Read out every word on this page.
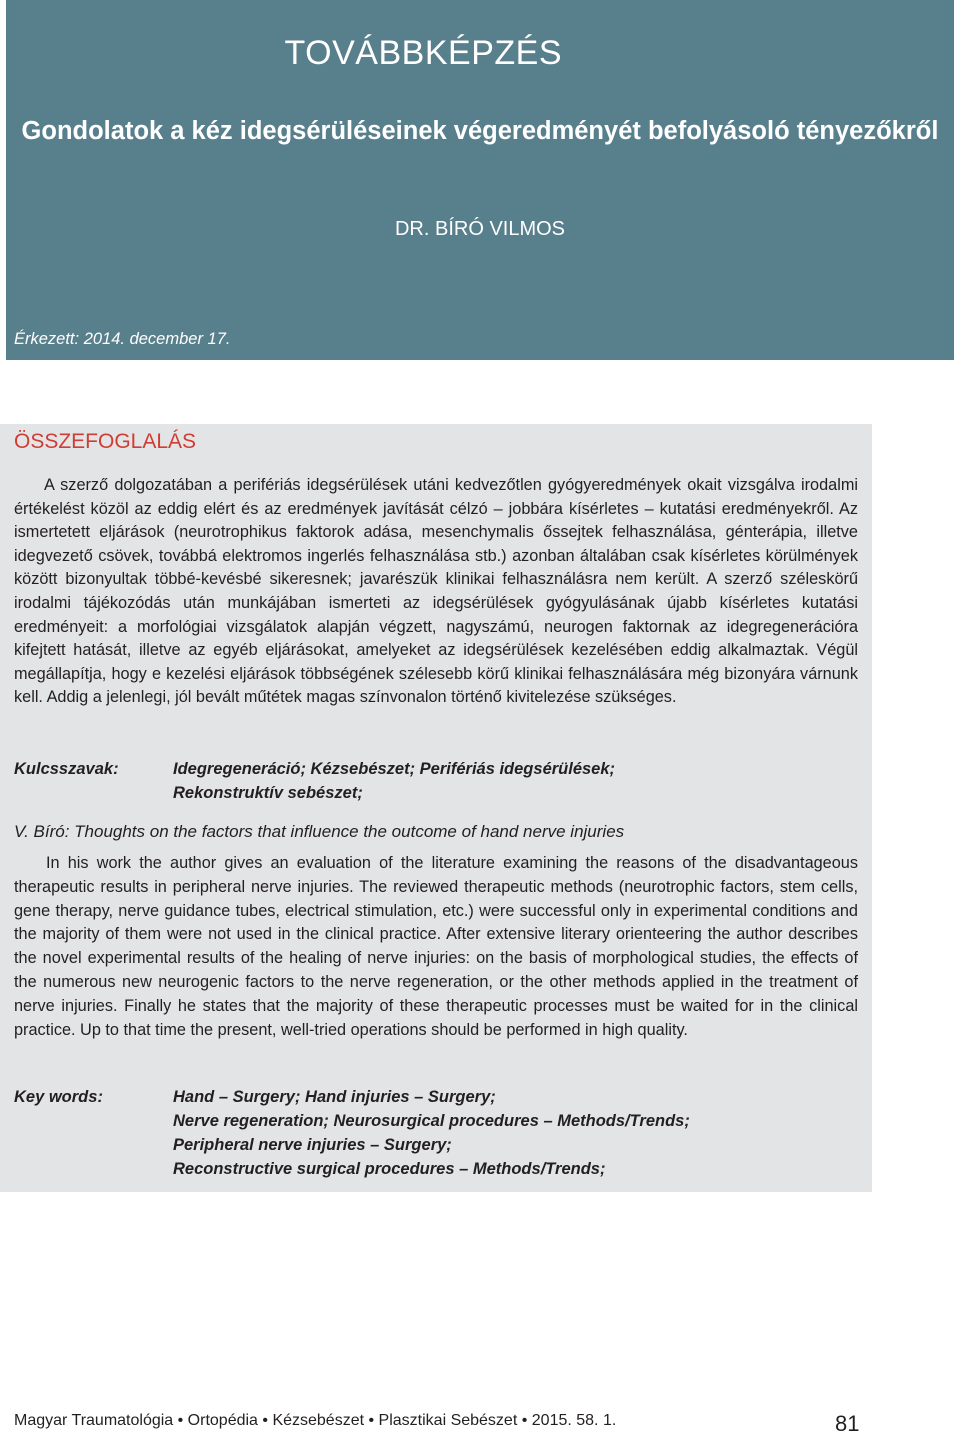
TOVÁBBKÉPZÉS
Gondolatok a kéz idegsérüléseinek végeredményét befolyásoló tényezőkről
DR. BÍRÓ VILMOS
Érkezett: 2014. december 17.
ÖSSZEFOGLALÁS

A szerző dolgozatában a perifériás idegsérülések utáni kedvezőtlen gyógyeredmények okait vizsgálva irodalmi értékelést közöl az eddig elért és az eredmények javítását célzó – jobbára kísérletes – kutatási eredményekről. Az ismertetett eljárások (neurotrophikus faktorok adása, mesenchymalis őssejtek felhasználása, génterápia, illetve idegvezető csövek, továbbá elektromos ingerlés felhasználása stb.) azonban általában csak kísérletes körülmények között bizonyultak többé-kevésbé sikeresnek; javarészük klinikai felhasználásra nem került. A szerző széleskörű irodalmi tájékozódás után munkájában ismerteti az idegsérülések gyógyulásának újabb kísérletes kutatási eredményeit: a morfológiai vizsgálatok alapján végzett, nagyszámú, neurogen faktornak az idegregenerációra kifejtett hatását, illetve az egyéb eljárásokat, amelyeket az idegsérülések kezelésében eddig alkalmaztak. Végül megállapítja, hogy e kezelési eljárások többségének szélesebb körű klinikai felhasználására még bizonyára várnunk kell. Addig a jelenlegi, jól bevált műtétek magas színvonalon történő kivitelezése szükséges.

Kulcsszavak:	Idegregeneráció; Kézsebészet; Perifériás idegsérülések;
Rekonstruktív sebészet;
V. Bíró: Thoughts on the factors that influence the outcome of hand nerve injuries

In his work the author gives an evaluation of the literature examining the reasons of the disadvantageous therapeutic results in peripheral nerve injuries. The reviewed therapeutic methods (neurotrophic factors, stem cells, gene therapy, nerve guidance tubes, electrical stimulation, etc.) were successful only in experimental conditions and the majority of them were not used in the clinical practice. After extensive literary orienteering the author describes the novel experimental results of the healing of nerve injuries: on the basis of morphological studies, the effects of the numerous new neurogenic factors to the nerve regeneration, or the other methods applied in the treatment of nerve injuries. Finally he states that the majority of these therapeutic processes must be waited for in the clinical practice. Up to that time the present, well-tried operations should be performed in high quality.

Key words:	Hand – Surgery; Hand injuries – Surgery;
Nerve regeneration; Neurosurgical procedures – Methods/Trends;
Peripheral nerve injuries – Surgery;
Reconstructive surgical procedures – Methods/Trends;
Magyar Traumatológia • Ortopédia • Kézsebészet • Plasztikai Sebészet • 2015. 58. 1.	81
